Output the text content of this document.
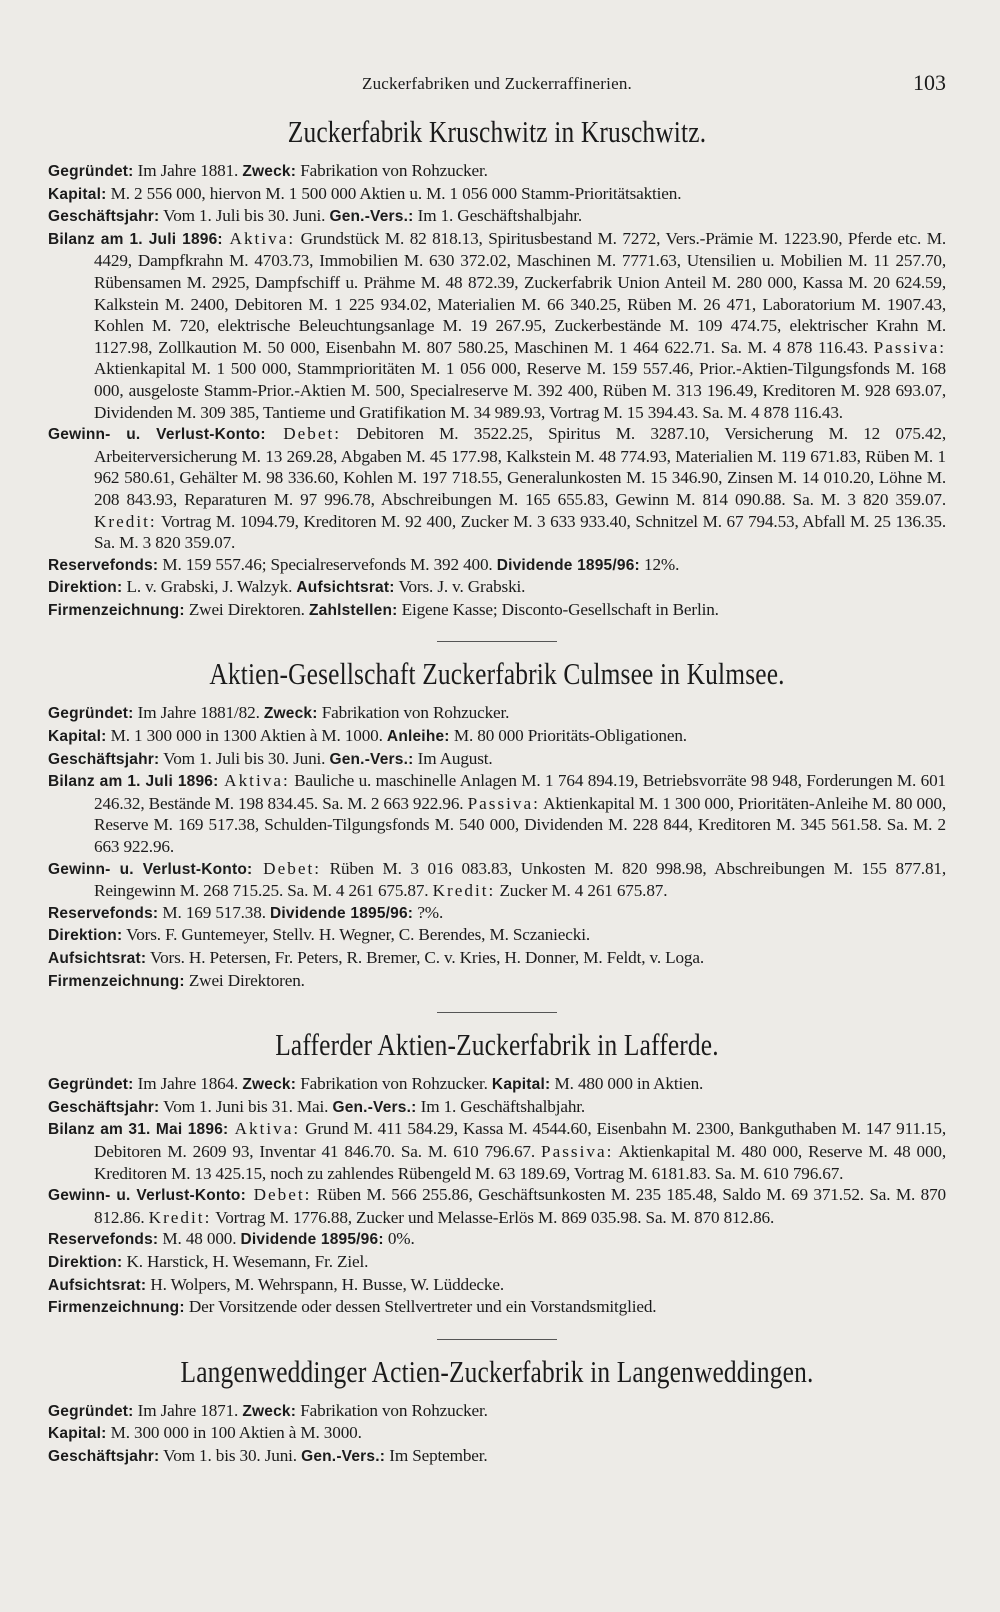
Zuckerfabriken und Zuckerraffinerien.	103
Zuckerfabrik Kruschwitz in Kruschwitz.
Gegründet: Im Jahre 1881. Zweck: Fabrikation von Rohzucker.
Kapital: M. 2 556 000, hiervon M. 1 500 000 Aktien u. M. 1 056 000 Stamm-Prioritätsaktien.
Geschäftsjahr: Vom 1. Juli bis 30. Juni. Gen.-Vers.: Im 1. Geschäftshalbjahr.
Bilanz am 1. Juli 1896: Aktiva: Grundstück M. 82 818.13, Spiritusbestand M. 7272, Vers.-Prämie M. 1223.90, Pferde etc. M. 4429, Dampfkrahn M. 4703.73, Immobilien M. 630 372.02, Maschinen M. 7771.63, Utensilien u. Mobilien M. 11 257.70, Rübensamen M. 2925, Dampfschiff u. Prähme M. 48 872.39, Zuckerfabrik Union Anteil M. 280 000, Kassa M. 20 624.59, Kalkstein M. 2400, Debitoren M. 1 225 934.02, Materialien M. 66 340.25, Rüben M. 26 471, Laboratorium M. 1907.43, Kohlen M. 720, elektrische Beleuchtungsanlage M. 19 267.95, Zuckerbestände M. 109 474.75, elektrischer Krahn M. 1127.98, Zollkaution M. 50 000, Eisenbahn M. 807 580.25, Maschinen M. 1 464 622.71. Sa. M. 4 878 116.43. Passiva: Aktienkapital M. 1 500 000, Stammprioritäten M. 1 056 000, Reserve M. 159 557.46, Prior.-Aktien-Tilgungsfonds M. 168 000, ausgeloste Stamm-Prior.-Aktien M. 500, Specialreserve M. 392 400, Rüben M. 313 196.49, Kreditoren M. 928 693.07, Dividenden M. 309 385, Tantieme und Gratifikation M. 34 989.93, Vortrag M. 15 394.43. Sa. M. 4 878 116.43.
Gewinn- u. Verlust-Konto: Debet: Debitoren M. 3522.25, Spiritus M. 3287.10, Versicherung M. 12 075.42, Arbeiterversicherung M. 13 269.28, Abgaben M. 45 177.98, Kalkstein M. 48 774.93, Materialien M. 119 671.83, Rüben M. 1 962 580.61, Gehälter M. 98 336.60, Kohlen M. 197 718.55, Generalunkosten M. 15 346.90, Zinsen M. 14 010.20, Löhne M. 208 843.93, Reparaturen M. 97 996.78, Abschreibungen M. 165 655.83, Gewinn M. 814 090.88. Sa. M. 3 820 359.07. Kredit: Vortrag M. 1094.79, Kreditoren M. 92 400, Zucker M. 3 633 933.40, Schnitzel M. 67 794.53, Abfall M. 25 136.35. Sa. M. 3 820 359.07.
Reservefonds: M. 159 557.46; Specialreservefonds M. 392 400. Dividende 1895/96: 12%.
Direktion: L. v. Grabski, J. Walzyk. Aufsichtsrat: Vors. J. v. Grabski.
Firmenzeichnung: Zwei Direktoren. Zahlstellen: Eigene Kasse; Disconto-Gesellschaft in Berlin.
Aktien-Gesellschaft Zuckerfabrik Culmsee in Kulmsee.
Gegründet: Im Jahre 1881/82. Zweck: Fabrikation von Rohzucker.
Kapital: M. 1 300 000 in 1300 Aktien à M. 1000. Anleihe: M. 80 000 Prioritäts-Obligationen.
Geschäftsjahr: Vom 1. Juli bis 30. Juni. Gen.-Vers.: Im August.
Bilanz am 1. Juli 1896: Aktiva: Bauliche u. maschinelle Anlagen M. 1 764 894.19, Betriebsvorräte 98 948, Forderungen M. 601 246.32, Bestände M. 198 834.45. Sa. M. 2 663 922.96. Passiva: Aktienkapital M. 1 300 000, Prioritäten-Anleihe M. 80 000, Reserve M. 169 517.38, Schulden-Tilgungsfonds M. 540 000, Dividenden M. 228 844, Kreditoren M. 345 561.58. Sa. M. 2 663 922.96.
Gewinn- u. Verlust-Konto: Debet: Rüben M. 3 016 083.83, Unkosten M. 820 998.98, Abschreibungen M. 155 877.81, Reingewinn M. 268 715.25. Sa. M. 4 261 675.87. Kredit: Zucker M. 4 261 675.87.
Reservefonds: M. 169 517.38. Dividende 1895/96: ?%.
Direktion: Vors. F. Guntemeyer, Stellv. H. Wegner, C. Berendes, M. Sczaniecki.
Aufsichtsrat: Vors. H. Petersen, Fr. Peters, R. Bremer, C. v. Kries, H. Donner, M. Feldt, v. Loga.
Firmenzeichnung: Zwei Direktoren.
Lafferder Aktien-Zuckerfabrik in Lafferde.
Gegründet: Im Jahre 1864. Zweck: Fabrikation von Rohzucker. Kapital: M. 480 000 in Aktien.
Geschäftsjahr: Vom 1. Juni bis 31. Mai. Gen.-Vers.: Im 1. Geschäftshalbjahr.
Bilanz am 31. Mai 1896: Aktiva: Grund M. 411 584.29, Kassa M. 4544.60, Eisenbahn M. 2300, Bankguthaben M. 147 911.15, Debitoren M. 2609 93, Inventar 41 846.70. Sa. M. 610 796.67. Passiva: Aktienkapital M. 480 000, Reserve M. 48 000, Kreditoren M. 13 425.15, noch zu zahlendes Rübengeld M. 63 189.69, Vortrag M. 6181.83. Sa. M. 610 796.67.
Gewinn- u. Verlust-Konto: Debet: Rüben M. 566 255.86, Geschäftsunkosten M. 235 185.48, Saldo M. 69 371.52. Sa. M. 870 812.86. Kredit: Vortrag M. 1776.88, Zucker und Melasse-Erlös M. 869 035.98. Sa. M. 870 812.86.
Reservefonds: M. 48 000. Dividende 1895/96: 0%.
Direktion: K. Harstick, H. Wesemann, Fr. Ziel.
Aufsichtsrat: H. Wolpers, M. Wehrspann, H. Busse, W. Lüddecke.
Firmenzeichnung: Der Vorsitzende oder dessen Stellvertreter und ein Vorstandsmitglied.
Langenweddinger Actien-Zuckerfabrik in Langenweddingen.
Gegründet: Im Jahre 1871. Zweck: Fabrikation von Rohzucker.
Kapital: M. 300 000 in 100 Aktien à M. 3000.
Geschäftsjahr: Vom 1. bis 30. Juni. Gen.-Vers.: Im September.
